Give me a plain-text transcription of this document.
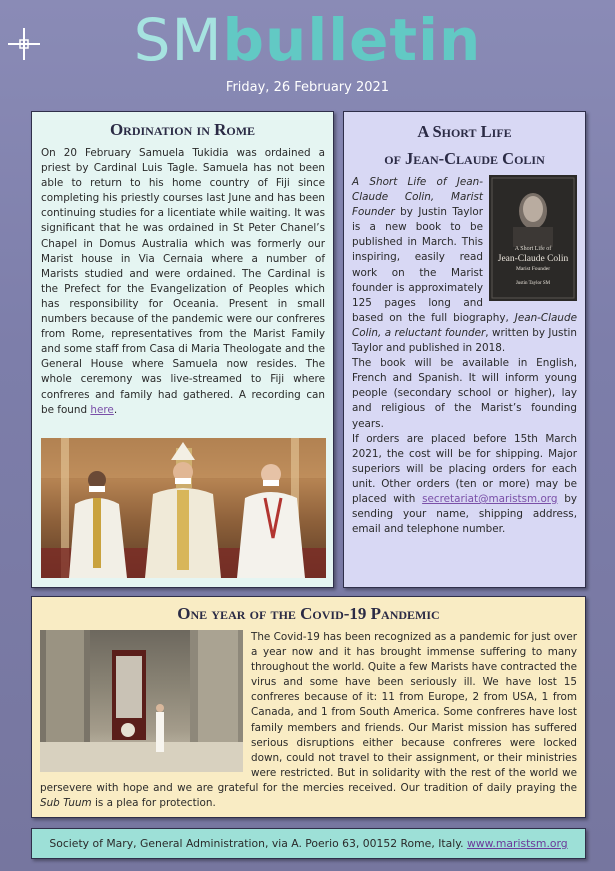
SMbulletin
Friday, 26 February 2021
Ordination in Rome

On 20 February Samuela Tukidia was ordained a priest by Cardinal Luis Tagle. Samuela has not been able to return to his home country of Fiji since completing his priestly courses last June and has been continuing studies for a licentiate while waiting. It was significant that he was ordained in St Peter Chanel’s Chapel in Domus Australia which was formerly our Marist house in Via Cernaia where a number of Marists studied and were ordained. The Cardinal is the Prefect for the Evangelization of Peoples which has responsibility for Oceania. Present in small numbers because of the pandemic were our confreres from Rome, representatives from the Marist Family and some staff from Casa di Maria Theologate and the General House where Samuela now resides. The whole ceremony was live-streamed to Fiji where confreres and family had gathered. A recording can be found here.

A Short Life
of Jean-Claude Colin
A Short Life of
Jean-Claude Colin
Marist Founder
Justin Taylor SM

A Short Life of Jean-Claude Colin, Marist Founder by Justin Taylor is a new book to be published in March. This inspiring, easily read work on the Marist founder is approximately 125 pages long and based on the full biography, Jean-Claude Colin, a reluctant founder, written by Justin Taylor and published in 2018.

The book will be available in English, French and Spanish. It will inform young people (secondary school or higher), lay and religious of the Marist’s founding years.

If orders are placed before 15th March 2021, the cost will be for shipping. Major superiors will be placing orders for each unit. Other orders (ten or more) may be placed with secretariat@maristsm.org by sending your name, shipping address, email and telephone number.

One year of the Covid-19 Pandemic

The Covid-19 has been recognized as a pandemic for just over a year now and it has brought immense suffering to many throughout the world. Quite a few Marists have contracted the virus and some have been seriously ill. We have lost 15 confreres because of it: 11 from Europe, 2 from USA, 1 from Canada, and 1 from South America. Some confreres have lost family members and friends. Our Marist mission has suffered serious disruptions either because confreres were locked down, could not travel to their assignment, or their ministries were restricted. But in solidarity with the rest of the world we persevere with hope and we are grateful for the mercies received. Our tradition of daily praying the Sub Tuum is a plea for protection.

Society of Mary, General Administration, via A. Poerio 63, 00152 Rome, Italy. www.maristsm.org
